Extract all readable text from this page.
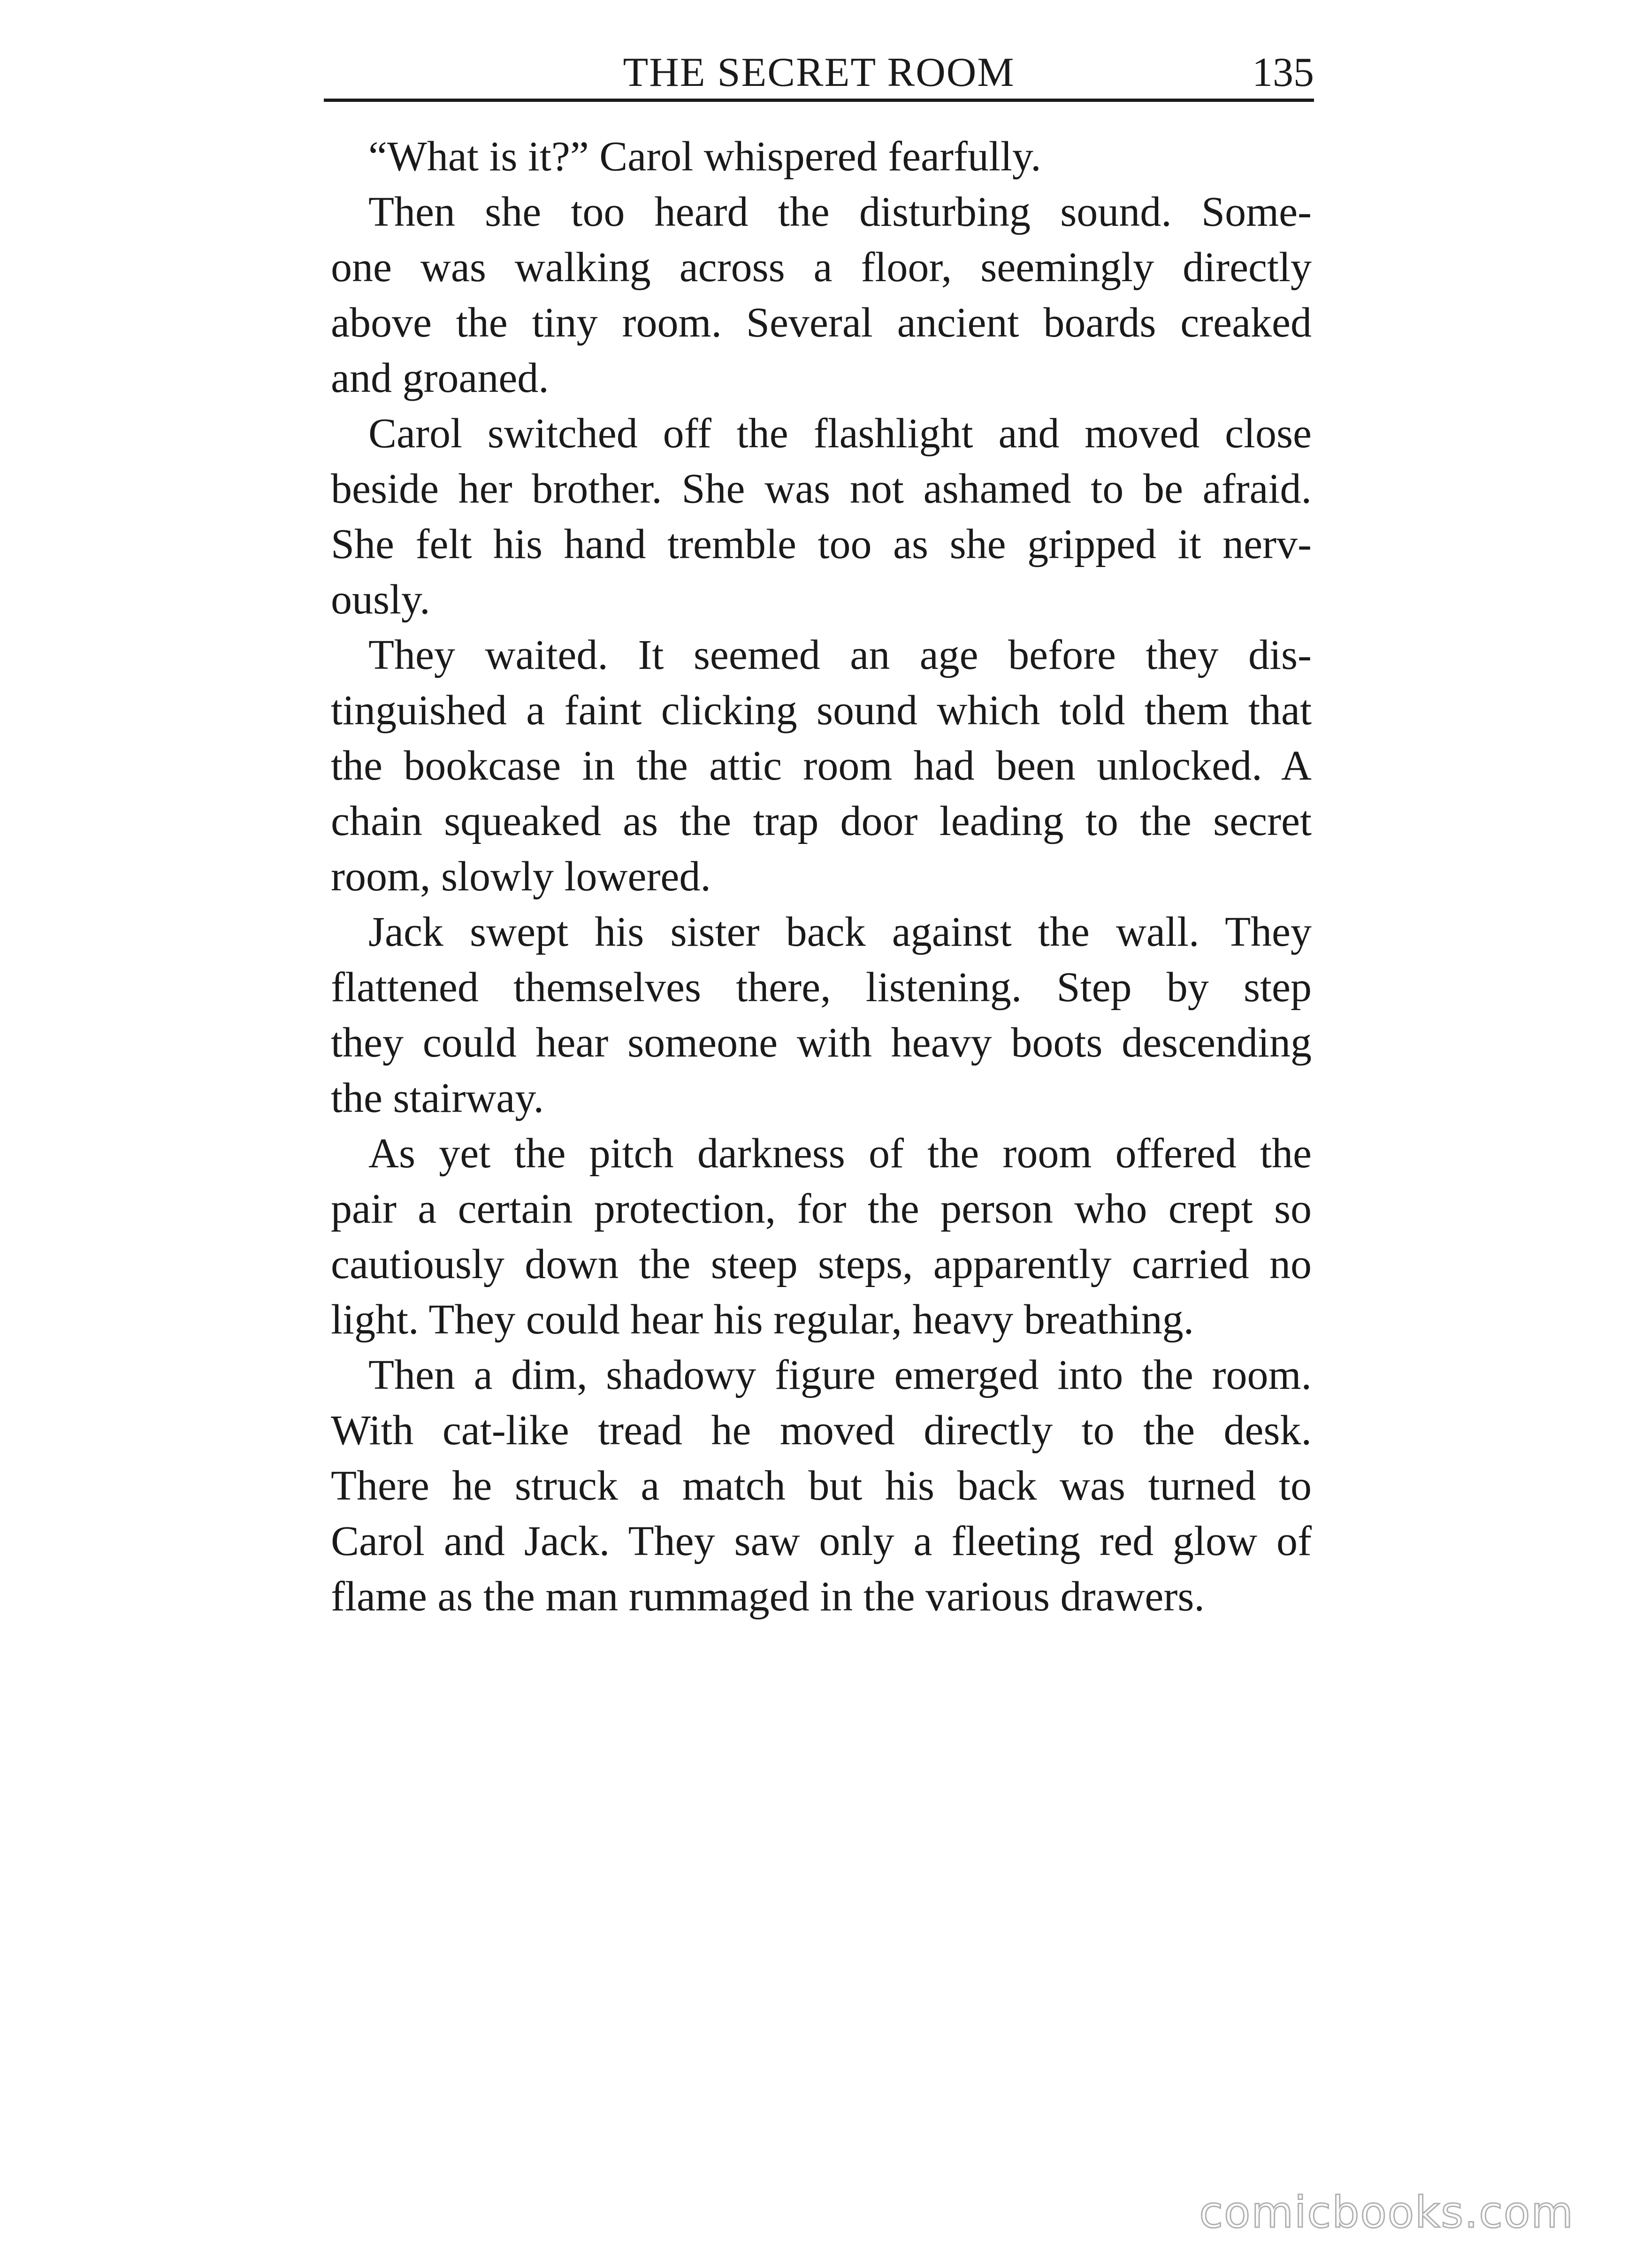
THE SECRET ROOM	135
“What is it?” Carol whispered fearfully.
Then she too heard the disturbing sound. Some-
one was walking across a floor, seemingly directly
above the tiny room. Several ancient boards creaked
and groaned.
Carol switched off the flashlight and moved close
beside her brother. She was not ashamed to be afraid.
She felt his hand tremble too as she gripped it nerv-
ously.
They waited. It seemed an age before they dis-
tinguished a faint clicking sound which told them that
the bookcase in the attic room had been unlocked. A
chain squeaked as the trap door leading to the secret
room, slowly lowered.
Jack swept his sister back against the wall. They
flattened themselves there, listening. Step by step
they could hear someone with heavy boots descending
the stairway.
As yet the pitch darkness of the room offered the
pair a certain protection, for the person who crept so
cautiously down the steep steps, apparently carried no
light. They could hear his regular, heavy breathing.
Then a dim, shadowy figure emerged into the room.
With cat-like tread he moved directly to the desk.
There he struck a match but his back was turned to
Carol and Jack. They saw only a fleeting red glow of
flame as the man rummaged in the various drawers.
comicbooks.com
